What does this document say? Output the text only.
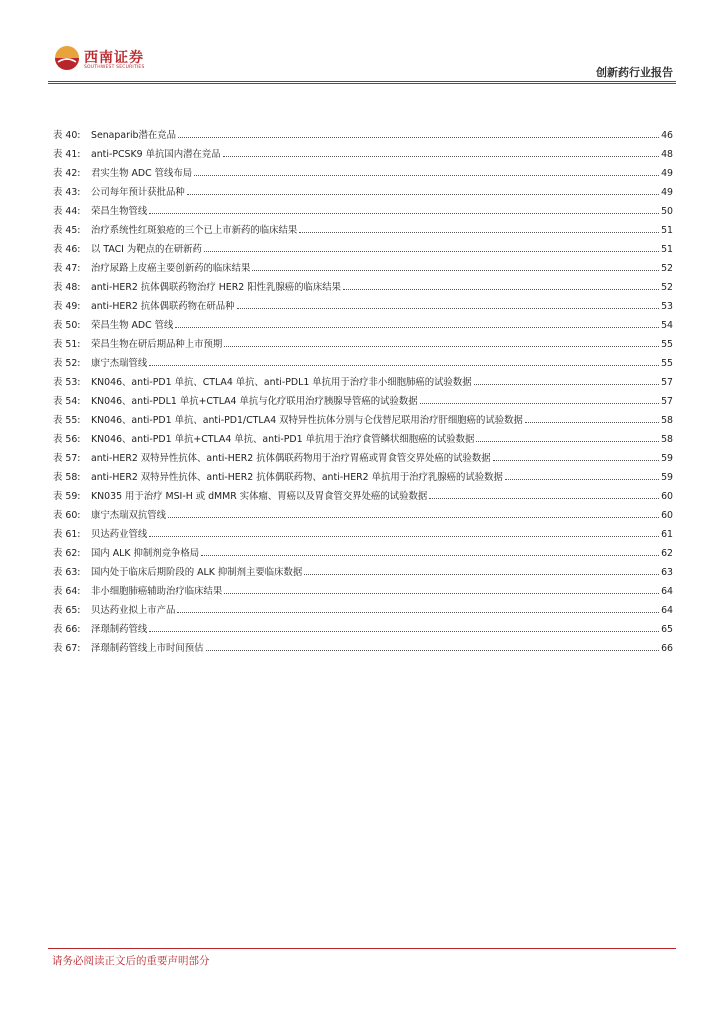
西南证券
SOUTHWEST SECURITIES	创新药行业报告
表 40:	Senaparib潜在竞品	46
表 41:	anti-PCSK9 单抗国内潜在竞品	48
表 42:	君实生物 ADC 管线布局	49
表 43:	公司每年预计获批品种	49
表 44:	荣昌生物管线	50
表 45:	治疗系统性红斑狼疮的三个已上市新药的临床结果	51
表 46:	以 TACI 为靶点的在研新药	51
表 47:	治疗尿路上皮癌主要创新药的临床结果	52
表 48:	anti-HER2 抗体偶联药物治疗 HER2 阳性乳腺癌的临床结果	52
表 49:	anti-HER2 抗体偶联药物在研品种	53
表 50:	荣昌生物 ADC 管线	54
表 51:	荣昌生物在研后期品种上市预期	55
表 52:	康宁杰瑞管线	55
表 53:	KN046、anti-PD1 单抗、CTLA4 单抗、anti-PDL1 单抗用于治疗非小细胞肺癌的试验数据	57
表 54:	KN046、anti-PDL1 单抗+CTLA4 单抗与化疗联用治疗胰腺导管癌的试验数据	57
表 55:	KN046、anti-PD1 单抗、anti-PD1/CTLA4 双特异性抗体分别与仑伐替尼联用治疗肝细胞癌的试验数据	58
表 56:	KN046、anti-PD1 单抗+CTLA4 单抗、anti-PD1 单抗用于治疗食管鳞状细胞癌的试验数据	58
表 57:	anti-HER2 双特异性抗体、anti-HER2 抗体偶联药物用于治疗胃癌或胃食管交界处癌的试验数据	59
表 58:	anti-HER2 双特异性抗体、anti-HER2 抗体偶联药物、anti-HER2 单抗用于治疗乳腺癌的试验数据	59
表 59:	KN035 用于治疗 MSI-H 或 dMMR 实体瘤、胃癌以及胃食管交界处癌的试验数据	60
表 60:	康宁杰瑞双抗管线	60
表 61:	贝达药业管线	61
表 62:	国内 ALK 抑制剂竞争格局	62
表 63:	国内处于临床后期阶段的 ALK 抑制剂主要临床数据	63
表 64:	非小细胞肺癌辅助治疗临床结果	64
表 65:	贝达药业拟上市产品	64
表 66:	泽璟制药管线	65
表 67:	泽璟制药管线上市时间预估	66
请务必阅读正文后的重要声明部分
